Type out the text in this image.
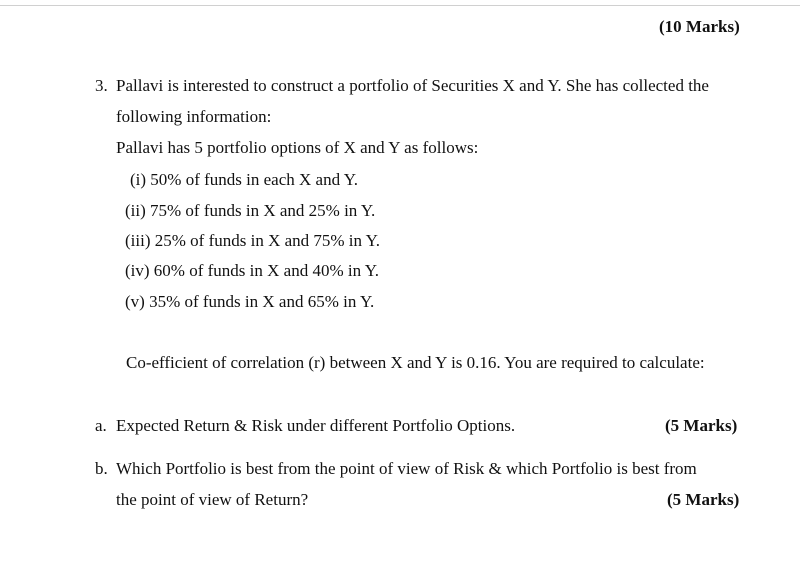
(10 Marks)
3. Pallavi is interested to construct a portfolio of Securities X and Y. She has collected the
following information:
Pallavi has 5 portfolio options of X and Y as follows:
(i) 50% of funds in each X and Y.
(ii) 75% of funds in X and 25% in Y.
(iii) 25% of funds in X and 75% in Y.
(iv) 60% of funds in X and 40% in Y.
(v) 35% of funds in X and 65% in Y.
Co-efficient of correlation (r) between X and Y is 0.16. You are required to calculate:
a. Expected Return & Risk under different Portfolio Options.	(5 Marks)
b. Which Portfolio is best from the point of view of Risk & which Portfolio is best from
the point of view of Return?	(5 Marks)
